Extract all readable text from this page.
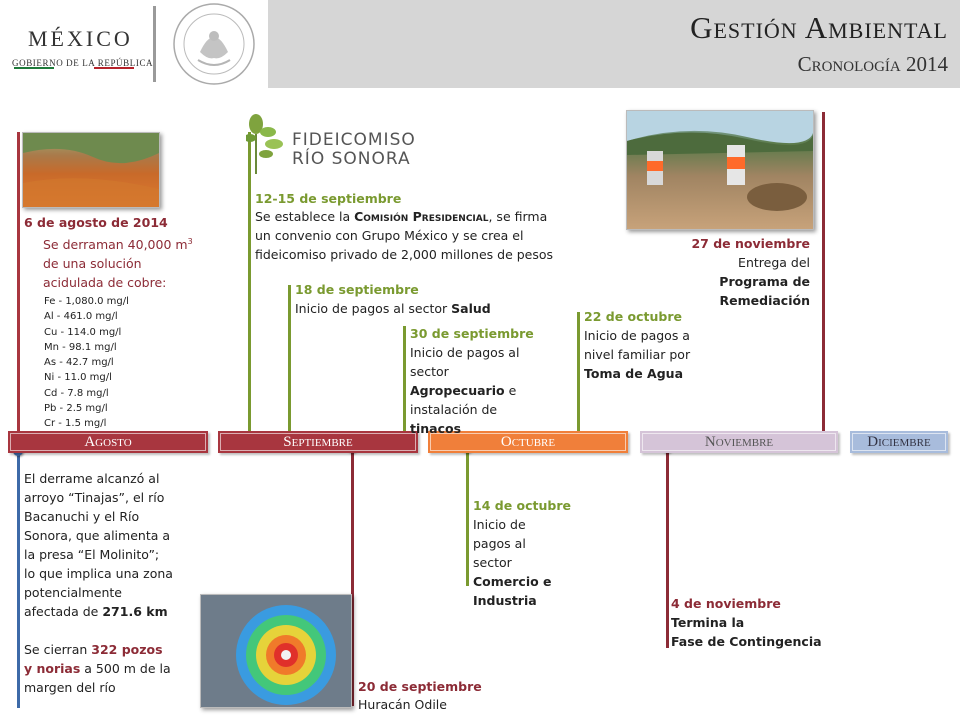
MÉXICO
GOBIERNO DE LA REPÚBLICA
Gestión Ambiental
Cronología 2014
Agosto	Septiembre	Octubre	Noviembre	Diciembre
FIDEICOMISO
RÍO SONORA
6 de agosto de 2014
Se derraman 40,000 $m^3$ de una solución acidulada de cobre:
Fe - 1,080.0 mg/l
Al - 461.0 mg/l
Cu - 114.0 mg/l
Mn - 98.1 mg/l
As - 42.7 mg/l
Ni - 11.0 mg/l
Cd - 7.8 mg/l
Pb - 2.5 mg/l
Cr - 1.5 mg/l
12-15 de septiembre
Se establece la Comisión Presidencial, se firma un convenio con Grupo México y se crea el fideicomiso privado de 2,000 millones de pesos
18 de septiembre
Inicio de pagos al sector Salud
30 de septiembre
Inicio de pagos al sector Agropecuario e instalación de tinacos
22 de octubre
Inicio de pagos a nivel familiar por Toma de Agua
27 de noviembre
Entrega del
Programa de Remediación
El derrame alcanzó al arroyo “Tinajas”, el río Bacanuchi y el Río Sonora, que alimenta a la presa “El Molinito”; lo que implica una zona potencialmente afectada de 271.6 km

Se cierran 322 pozos y norias a 500 m de la margen del río
14 de octubre
Inicio de pagos al sector Comercio e Industria	4 de noviembre
Termina la
Fase de Contingencia
20 de septiembre
Huracán Odile
